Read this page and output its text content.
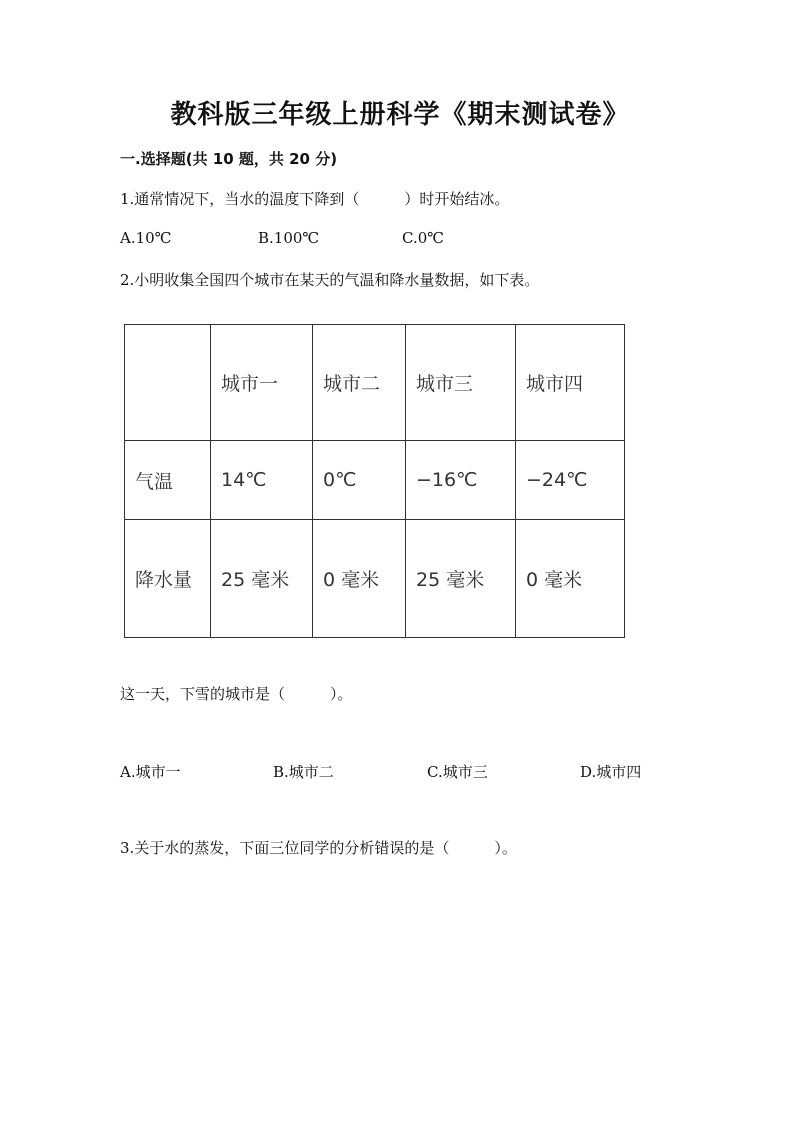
教科版三年级上册科学《期末测试卷》
一.选择题(共 10 题，共 20 分)
1.通常情况下，当水的温度下降到（　　　）时开始结冰。
A.10℃	B.100℃	C.0℃
2.小明收集全国四个城市在某天的气温和降水量数据，如下表。
	城市一	城市二	城市三	城市四
气温	14℃	0℃	−16℃	−24℃
降水量	25 毫米	0 毫米	25 毫米	0 毫米
这一天，下雪的城市是（　　　）。
A.城市一	B.城市二	C.城市三	D.城市四
3.关于水的蒸发，下面三位同学的分析错误的是（　　　）。
